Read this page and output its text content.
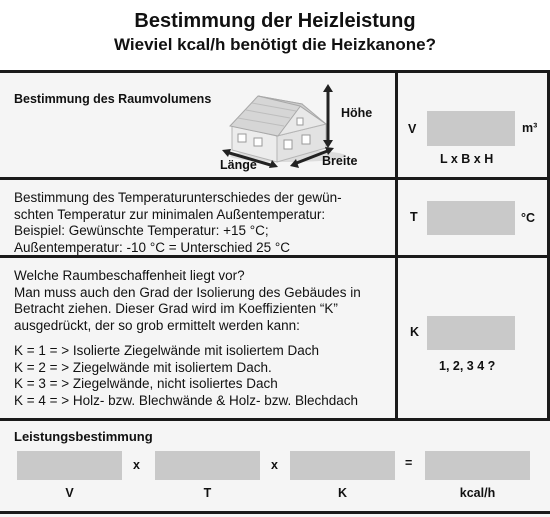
Bestimmung der Heizleistung
Wieviel kcal/h benötigt die Heizkanone?
Bestimmung des Raumvolumens
Höhe
Länge	Breite
V	m³
L x B x H
Bestimmung des Temperaturunterschiedes der gewün-
schten Temperatur zur minimalen Außentemperatur:
Beispiel: Gewünschte Temperatur: +15 °C;
Außentemperatur: -10 °C = Unterschied 25 °C
T	°C
Welche Raumbeschaffenheit liegt vor?
Man muss auch den Grad der Isolierung des Gebäudes in
Betracht ziehen. Dieser Grad wird im Koeffizienten “K”
ausgedrückt, der so grob ermittelt werden kann:
K = 1 = > Isolierte Ziegelwände mit isoliertem Dach
K = 2 = > Ziegelwände mit isoliertem Dach.
K = 3 = > Ziegelwände, nicht isoliertes Dach
K = 4 = > Holz- bzw. Blechwände & Holz- bzw. Blechdach
K
1, 2, 3 4 ?
Leistungsbestimmung
x	x	=
V	T	K	kcal/h
